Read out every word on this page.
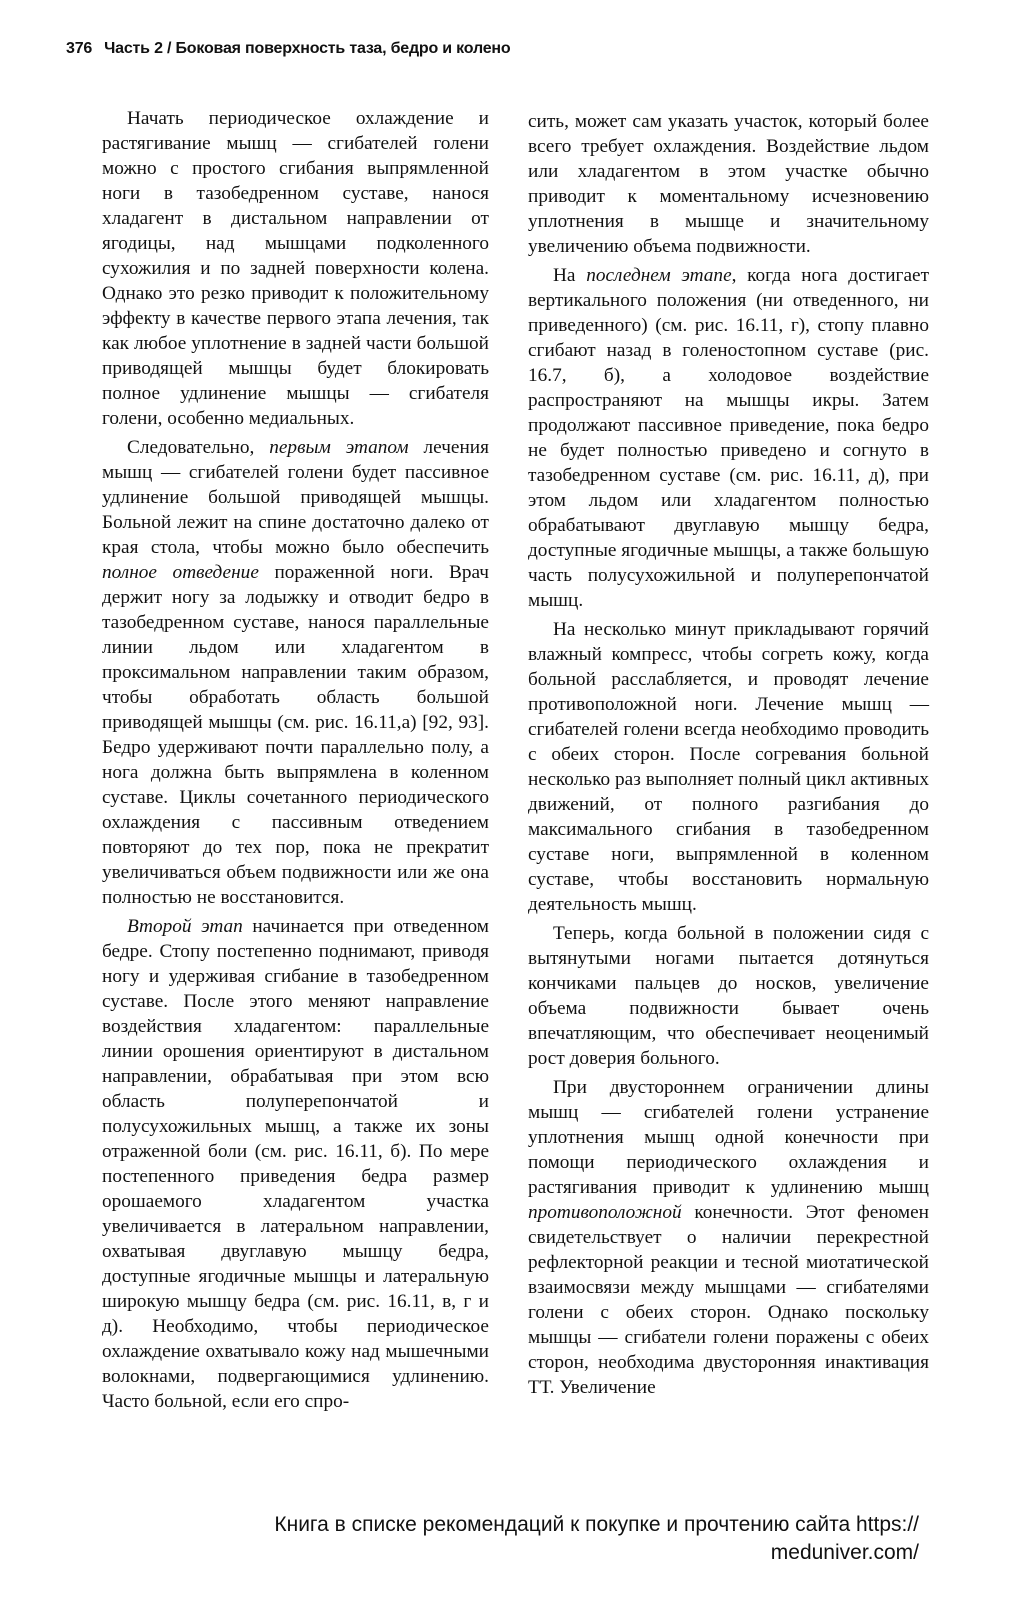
376 Часть 2 / Боковая поверхность таза, бедро и колено

Начать периодическое охлаждение и растягивание мышц — сгибателей голени можно с простого сгибания выпрямленной ноги в тазобедренном суставе, нанося хладагент в дистальном направлении от ягодицы, над мышцами подколенного сухожилия и по задней поверхности колена. Однако это резко приводит к положительному эффекту в качестве первого этапа лечения, так как любое уплотнение в задней части большой приводящей мышцы будет блокировать полное удлинение мышцы — сгибателя голени, особенно медиальных.

Следовательно, первым этапом лечения мышц — сгибателей голени будет пассивное удлинение большой приводящей мышцы. Больной лежит на спине достаточно далеко от края стола, чтобы можно было обеспечить полное отведение пораженной ноги. Врач держит ногу за лодыжку и отводит бедро в тазобедренном суставе, нанося параллельные линии льдом или хладагентом в проксимальном направлении таким образом, чтобы обработать область большой приводящей мышцы (см. рис. 16.11,а) [92, 93]. Бедро удерживают почти параллельно полу, а нога должна быть выпрямлена в коленном суставе. Циклы сочетанного периодического охлаждения с пассивным отведением повторяют до тех пор, пока не прекратит увеличиваться объем подвижности или же она полностью не восстановится.

Второй этап начинается при отведенном бедре. Стопу постепенно поднимают, приводя ногу и удерживая сгибание в тазобедренном суставе. После этого меняют направление воздействия хладагентом: параллельные линии орошения ориентируют в дистальном направлении, обрабатывая при этом всю область полуперепончатой и полусухожильных мышц, а также их зоны отраженной боли (см. рис. 16.11, б). По мере постепенного приведения бедра размер орошаемого хладагентом участка увеличивается в латеральном направлении, охватывая двуглавую мышцу бедра, доступные ягодичные мышцы и латеральную широкую мышцу бедра (см. рис. 16.11, в, г и д). Необходимо, чтобы периодическое охлаждение охватывало кожу над мышечными волокнами, подвергающимися удлинению. Часто больной, если его спро-

сить, может сам указать участок, который более всего требует охлаждения. Воздействие льдом или хладагентом в этом участке обычно приводит к моментальному исчезновению уплотнения в мышце и значительному увеличению объема подвижности.

На последнем этапе, когда нога достигает вертикального положения (ни отведенного, ни приведенного) (см. рис. 16.11, г), стопу плавно сгибают назад в голеностопном суставе (рис. 16.7, б), а холодовое воздействие распространяют на мышцы икры. Затем продолжают пассивное приведение, пока бедро не будет полностью приведено и согнуто в тазобедренном суставе (см. рис. 16.11, д), при этом льдом или хладагентом полностью обрабатывают двуглавую мышцу бедра, доступные ягодичные мышцы, а также большую часть полусухожильной и полуперепончатой мышц.

На несколько минут прикладывают горячий влажный компресс, чтобы согреть кожу, когда больной расслабляется, и проводят лечение противоположной ноги. Лечение мышц — сгибателей голени всегда необходимо проводить с обеих сторон. После согревания больной несколько раз выполняет полный цикл активных движений, от полного разгибания до максимального сгибания в тазобедренном суставе ноги, выпрямленной в коленном суставе, чтобы восстановить нормальную деятельность мышц.

Теперь, когда больной в положении сидя с вытянутыми ногами пытается дотянуться кончиками пальцев до носков, увеличение объема подвижности бывает очень впечатляющим, что обеспечивает неоценимый рост доверия больного.

При двустороннем ограничении длины мышц — сгибателей голени устранение уплотнения мышц одной конечности при помощи периодического охлаждения и растягивания приводит к удлинению мышц противоположной конечности. Этот феномен свидетельствует о наличии перекрестной рефлекторной реакции и тесной миотатической взаимосвязи между мышцами — сгибателями голени с обеих сторон. Однако поскольку мышцы — сгибатели голени поражены с обеих сторон, необходима двусторонняя инактивация ТТ. Увеличение

Книга в списке рекомендаций к покупке и прочтению сайта https://
meduniver.com/
